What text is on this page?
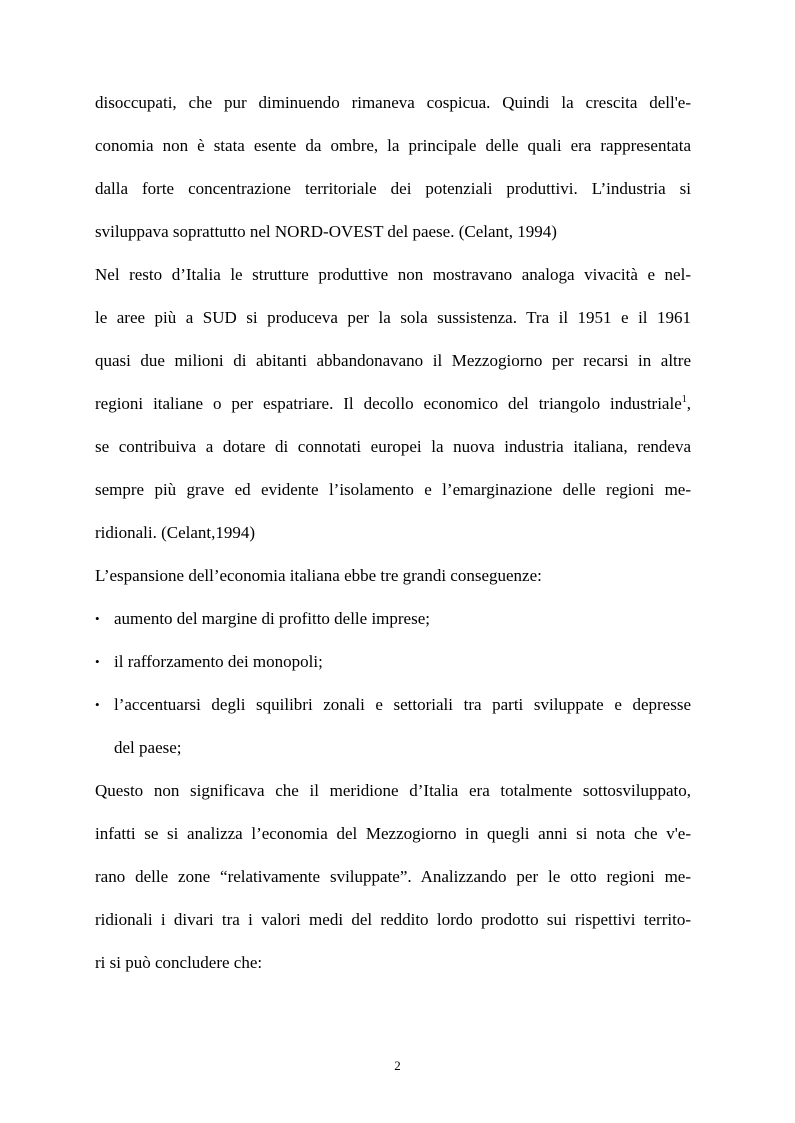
disoccupati, che pur diminuendo rimaneva cospicua. Quindi la crescita dell'e-
conomia non è stata esente da ombre, la principale delle quali era rappresentata
dalla forte concentrazione territoriale dei potenziali produttivi. L’industria si
sviluppava soprattutto nel NORD-OVEST del paese. (Celant, 1994)
Nel resto d’Italia le strutture produttive non mostravano analoga vivacità e nel-
le aree più a SUD si produceva per la sola sussistenza. Tra il 1951 e il 1961
quasi due milioni di abitanti abbandonavano il Mezzogiorno per recarsi in altre
regioni italiane o per espatriare. Il decollo economico del triangolo industriale$^1$,
se contribuiva a dotare di connotati europei la nuova industria italiana, rendeva
sempre più grave ed evidente l’isolamento e l’emarginazione delle regioni me-
ridionali. (Celant,1994)
L’espansione dell’economia italiana ebbe tre grandi conseguenze:
• aumento del margine di profitto delle imprese;
• il rafforzamento dei monopoli;
• l’accentuarsi degli squilibri zonali e settoriali tra parti sviluppate e depresse
del paese;
Questo non significava che il meridione d’Italia era totalmente sottosviluppato,
infatti se si analizza l’economia del Mezzogiorno in quegli anni si nota che v'e-
rano delle zone “relativamente sviluppate”. Analizzando per le otto regioni me-
ridionali i divari tra i valori medi del reddito lordo prodotto sui rispettivi territo-
ri si può concludere che:
2
